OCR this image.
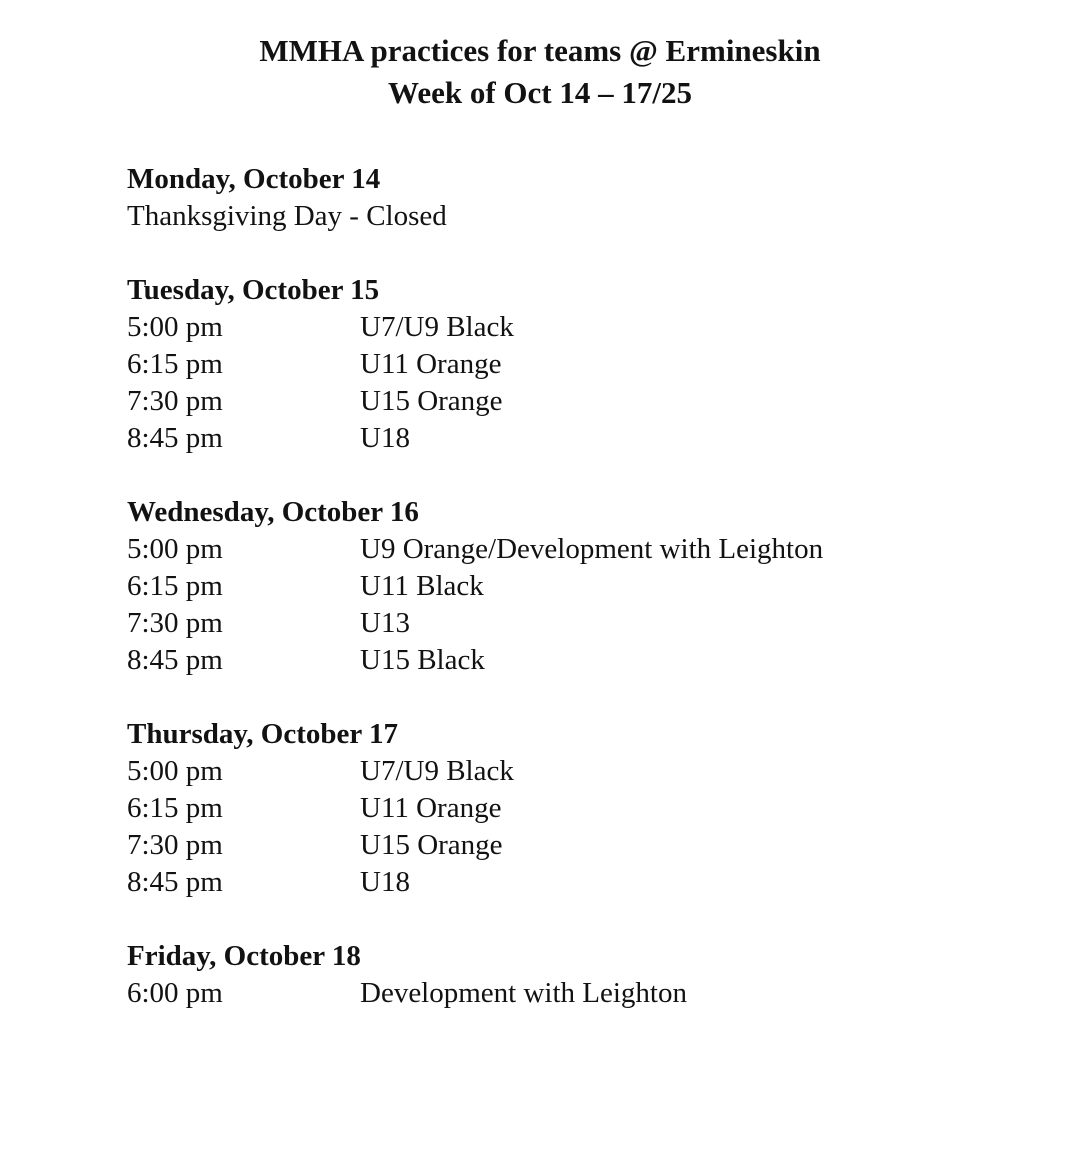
MMHA practices for teams @ Ermineskin
Week of Oct 14 – 17/25
Monday, October 14
Thanksgiving Day - Closed
Tuesday, October 15
5:00 pm	U7/U9 Black
6:15 pm	U11 Orange
7:30 pm	U15 Orange
8:45 pm	U18
Wednesday, October 16
5:00 pm	U9 Orange/Development with Leighton
6:15 pm	U11 Black
7:30 pm	U13
8:45 pm	U15 Black
Thursday, October 17
5:00 pm	U7/U9 Black
6:15 pm	U11 Orange
7:30 pm	U15 Orange
8:45 pm	U18
Friday, October 18
6:00 pm	Development with Leighton
